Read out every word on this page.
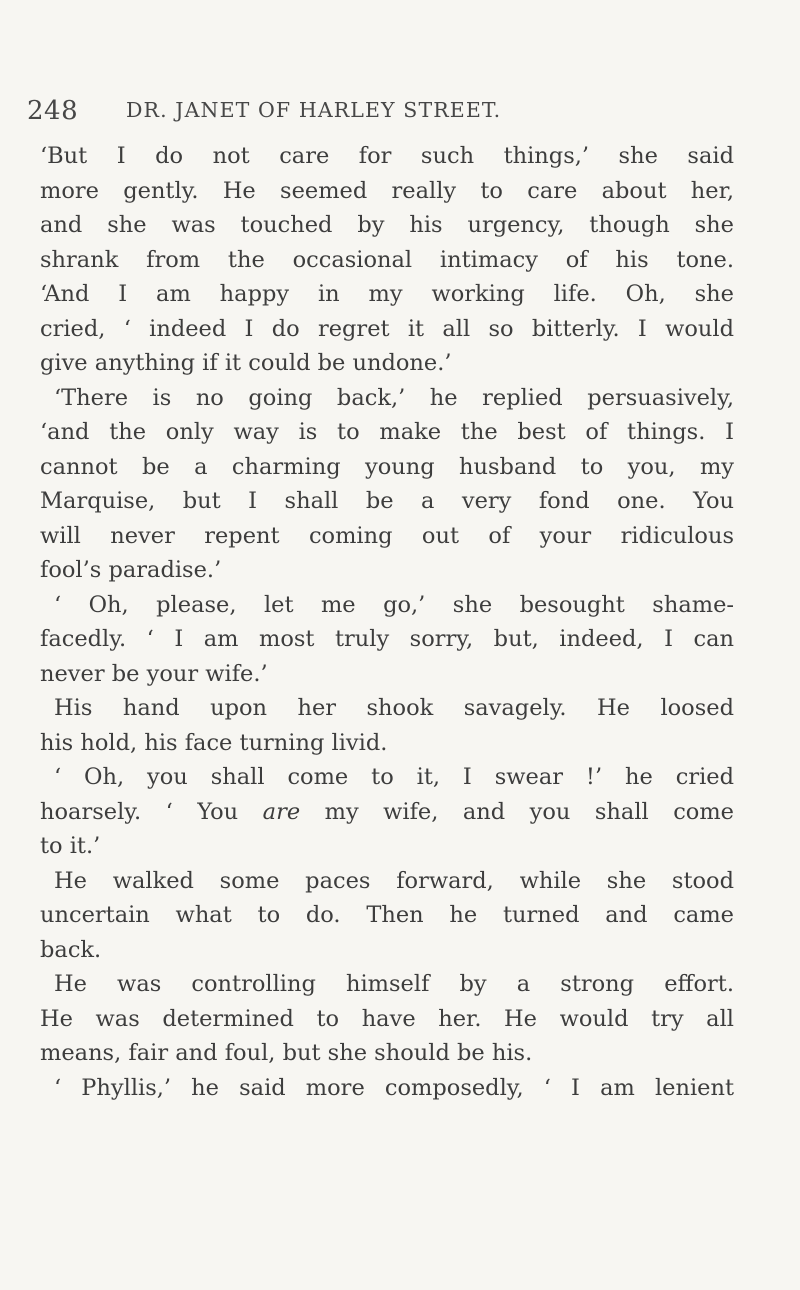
248 DR. JANET OF HARLEY STREET.
‘But I do not care for such things,’ she said
more gently. He seemed really to care about her,
and she was touched by his urgency, though she
shrank from the occasional intimacy of his tone.
‘And I am happy in my working life. Oh, she
cried, ‘ indeed I do regret it all so bitterly. I would
give anything if it could be undone.’
‘There is no going back,’ he replied persuasively,
‘and the only way is to make the best of things. I
cannot be a charming young husband to you, my
Marquise, but I shall be a very fond one. You
will never repent coming out of your ridiculous
fool’s paradise.’
‘ Oh, please, let me go,’ she besought shame-
facedly. ‘ I am most truly sorry, but, indeed, I can
never be your wife.’
His hand upon her shook savagely. He loosed
his hold, his face turning livid.
‘ Oh, you shall come to it, I swear !’ he cried
hoarsely. ‘ You are my wife, and you shall come
to it.’
He walked some paces forward, while she stood
uncertain what to do. Then he turned and came
back.
He was controlling himself by a strong effort.
He was determined to have her. He would try all
means, fair and foul, but she should be his.
‘ Phyllis,’ he said more composedly, ‘ I am lenient
